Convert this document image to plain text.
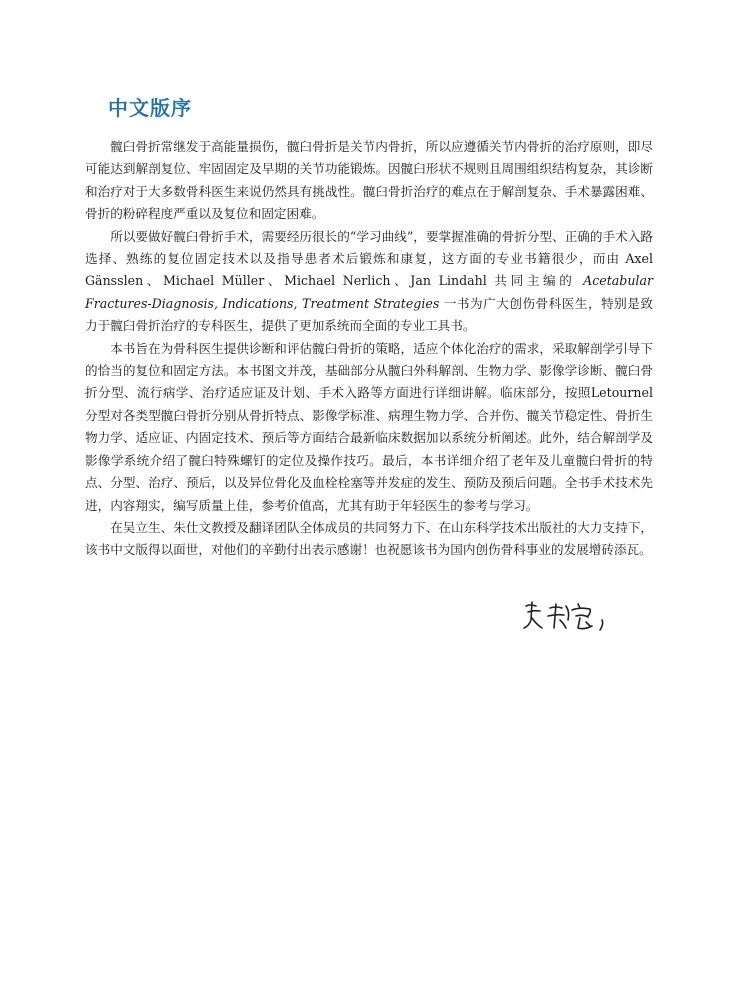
中文版序

髋臼骨折常继发于高能量损伤，髋臼骨折是关节内骨折，所以应遵循关节内骨折的治疗原则，即尽可能达到解剖复位、牢固固定及早期的关节功能锻炼。因髋臼形状不规则且周围组织结构复杂，其诊断和治疗对于大多数骨科医生来说仍然具有挑战性。髋臼骨折治疗的难点在于解剖复杂、手术暴露困难、骨折的粉碎程度严重以及复位和固定困难。

所以要做好髋臼骨折手术，需要经历很长的“学习曲线”，要掌握准确的骨折分型、正确的手术入路选择、熟练的复位固定技术以及指导患者术后锻炼和康复，这方面的专业书籍很少，而由 Axel Gänsslen、Michael Müller、Michael Nerlich、Jan Lindahl 共同主编的 Acetabular Fractures-Diagnosis, Indications, Treatment Strategies 一书为广大创伤骨科医生，特别是致力于髋臼骨折治疗的专科医生，提供了更加系统而全面的专业工具书。

本书旨在为骨科医生提供诊断和评估髋臼骨折的策略，适应个体化治疗的需求，采取解剖学引导下的恰当的复位和固定方法。本书图文并茂，基础部分从髋臼外科解剖、生物力学、影像学诊断、髋臼骨折分型、流行病学、治疗适应证及计划、手术入路等方面进行详细讲解。临床部分，按照Letournel 分型对各类型髋臼骨折分别从骨折特点、影像学标准、病理生物力学、合并伤、髋关节稳定性、骨折生物力学、适应证、内固定技术、预后等方面结合最新临床数据加以系统分析阐述。此外，结合解剖学及影像学系统介绍了髋臼特殊螺钉的定位及操作技巧。最后，本书详细介绍了老年及儿童髋臼骨折的特点、分型、治疗、预后，以及异位骨化及血栓栓塞等并发症的发生、预防及预后问题。全书手术技术先进，内容翔实，编写质量上佳，参考价值高，尤其有助于年轻医生的参考与学习。

在吴立生、朱仕文教授及翻译团队全体成员的共同努力下、在山东科学技术出版社的大力支持下，该书中文版得以面世，对他们的辛勤付出表示感谢！也祝愿该书为国内创伤骨科事业的发展增砖添瓦。
